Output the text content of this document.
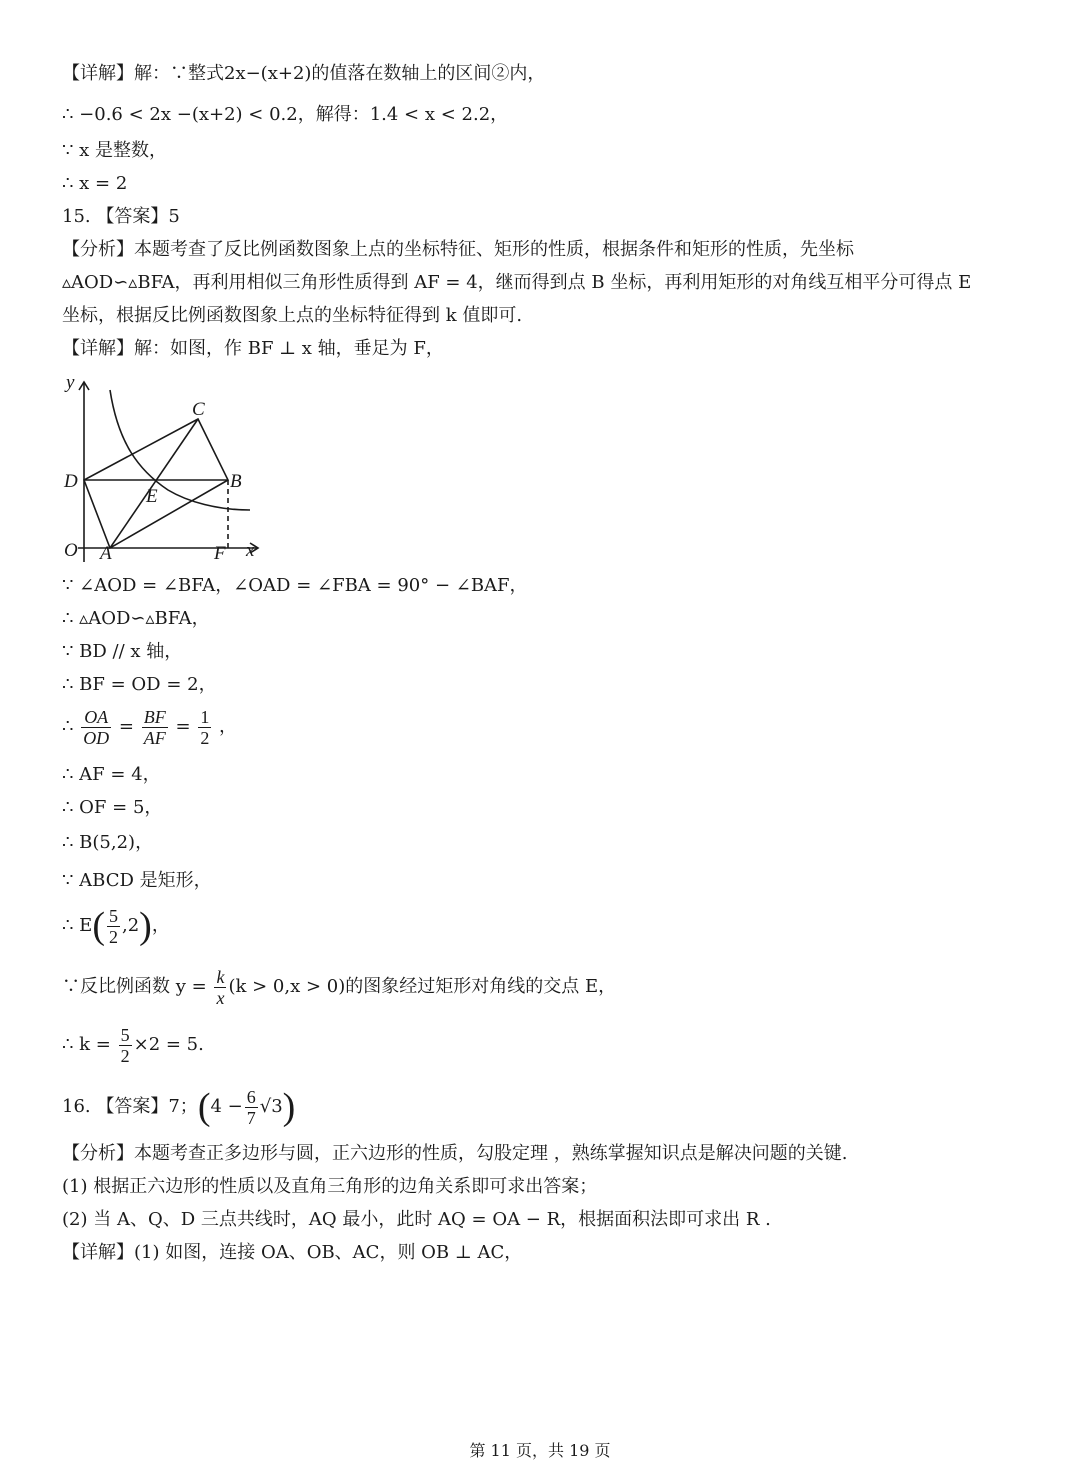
【详解】解：∵整式2x−(x+2)的值落在数轴上的区间②内，
∴ −0.6 < 2x −(x+2) < 0.2，解得：1.4 < x < 2.2，
∵ x 是整数，
∴ x = 2
15. 【答案】5
【分析】本题考查了反比例函数图象上点的坐标特征、矩形的性质，根据条件和矩形的性质，先坐标
▵AOD∽▵BFA，再利用相似三角形性质得到 AF = 4，继而得到点 B 坐标，再利用矩形的对角线互相平分可得点 E
坐标，根据反比例函数图象上点的坐标特征得到 k 值即可.
【详解】解：如图，作 BF ⊥ x 轴，垂足为 F，
y
x
O A	F
D
E
B
C
∵ ∠AOD = ∠BFA，∠OAD = ∠FBA = 90° − ∠BAF，
∴ ▵AOD∽▵BFA，
∵ BD // x 轴，
∴ BF = OD = 2，
∴ $\frac{OA}{OD} = \frac{BF}{AF} = \frac{1}{2}$ ，
∴ AF = 4，
∴ OF = 5，
∴ B(5,2)，
∵ ABCD 是矩形，
∴ $E( \frac{5}{2} ,2)$，
∵反比例函数 $y = \frac{k}{x} (k > 0,x > 0)$的图象经过矩形对角线的交点 E，
∴ $k = \frac{5}{2} \times 2 = 5$.
16. 【答案】7；$(4 - \frac{6}{7} √3)$
【分析】本题考查正多边形与圆，正六边形的性质，勾股定理 ，熟练掌握知识点是解决问题的关键.
(1) 根据正六边形的性质以及直角三角形的边角关系即可求出答案；
(2) 当 A、Q、D 三点共线时，AQ 最小，此时 AQ = OA − R，根据面积法即可求出 R .
【详解】(1) 如图，连接 OA、OB、AC，则 OB ⊥ AC，
第 11 页，共 19 页
